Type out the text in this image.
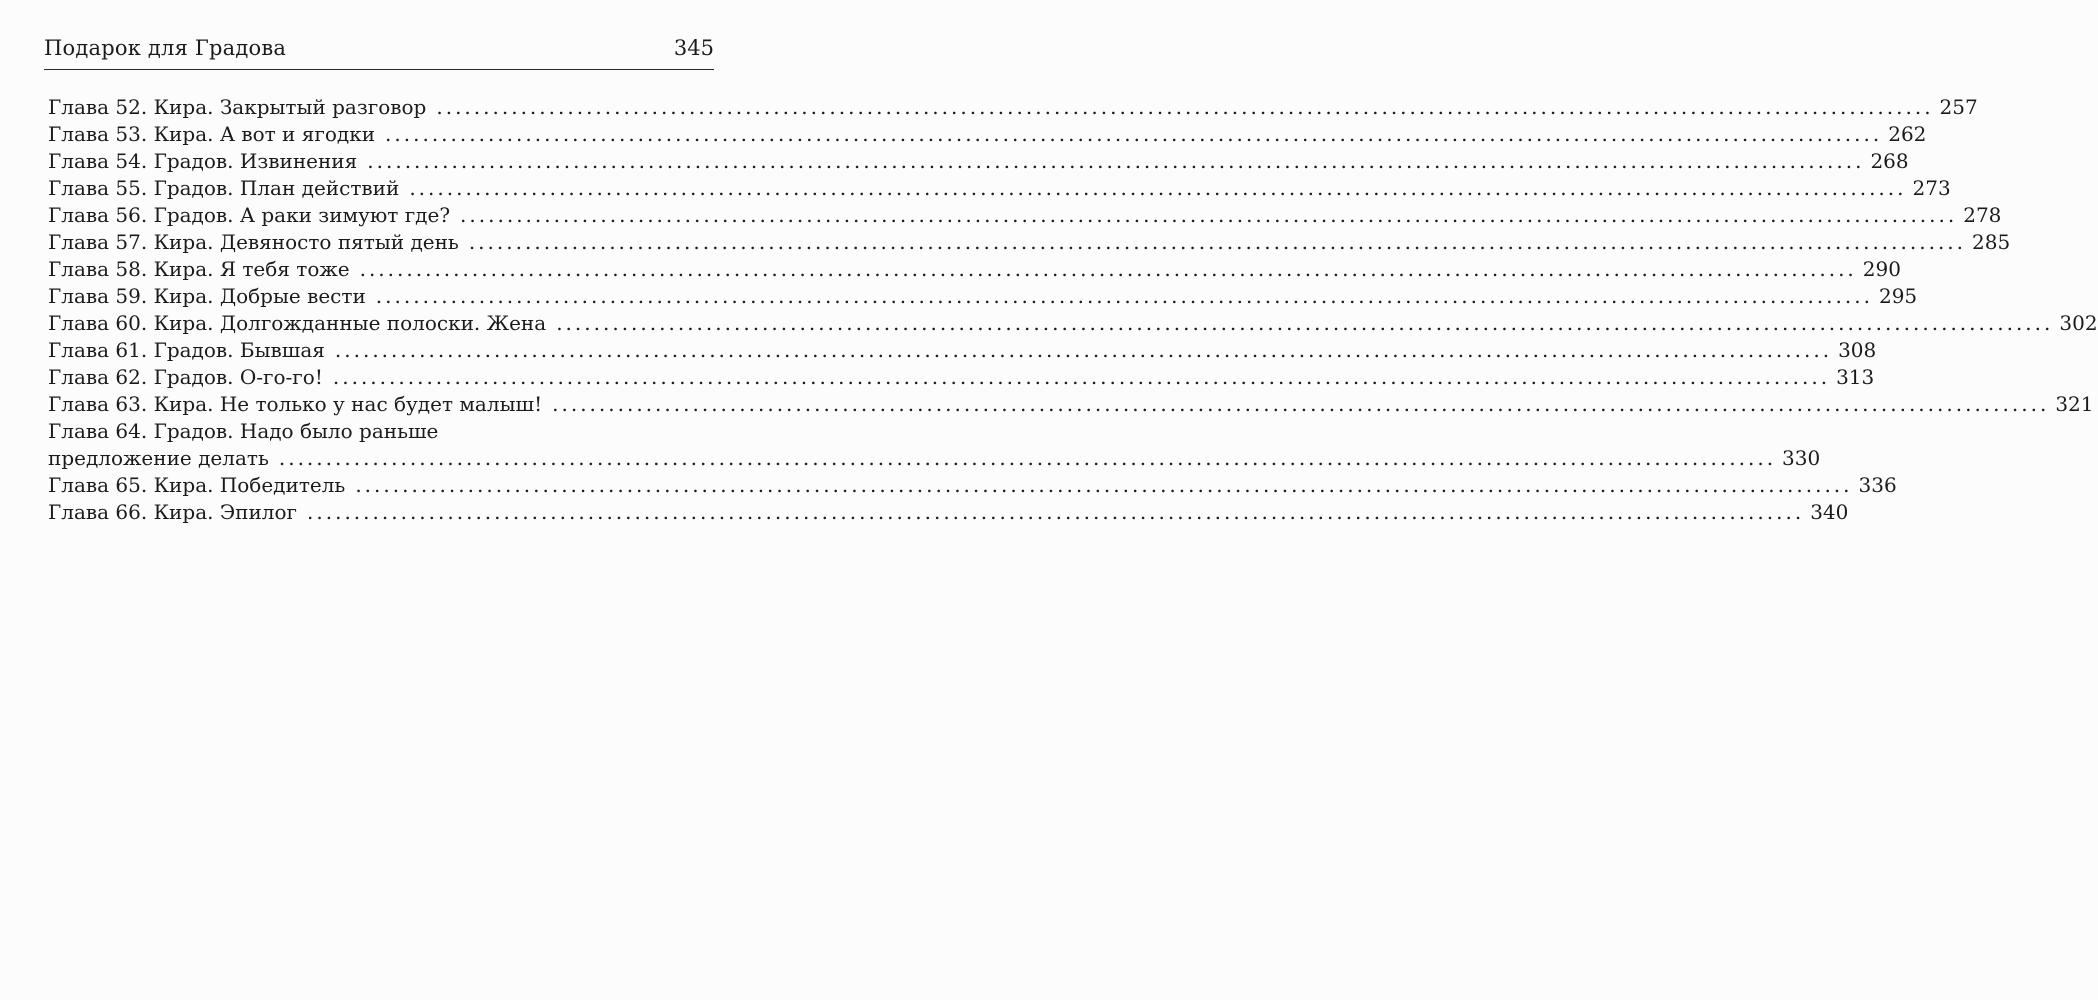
Подарок для Градова	345
Глава 52. Кира. Закрытый разговор ................................................................................................................................................................ 257
Глава 53. Кира. А вот и ягодки ................................................................................................................................................................ 262
Глава 54. Градов. Извинения ................................................................................................................................................................ 268
Глава 55. Градов. План действий ................................................................................................................................................................ 273
Глава 56. Градов. А раки зимуют где? ................................................................................................................................................................ 278
Глава 57. Кира. Девяносто пятый день ................................................................................................................................................................ 285
Глава 58. Кира. Я тебя тоже ................................................................................................................................................................ 290
Глава 59. Кира. Добрые вести ................................................................................................................................................................ 295
Глава 60. Кира. Долгожданные полоски. Жена ................................................................................................................................................................ 302
Глава 61. Градов. Бывшая ................................................................................................................................................................ 308
Глава 62. Градов. О-го-го! ................................................................................................................................................................ 313
Глава 63. Кира. Не только у нас будет малыш! ................................................................................................................................................................ 321
Глава 64. Градов. Надо было раньше
предложение делать ................................................................................................................................................................ 330
Глава 65. Кира. Победитель ................................................................................................................................................................ 336
Глава 66. Кира. Эпилог ................................................................................................................................................................ 340
